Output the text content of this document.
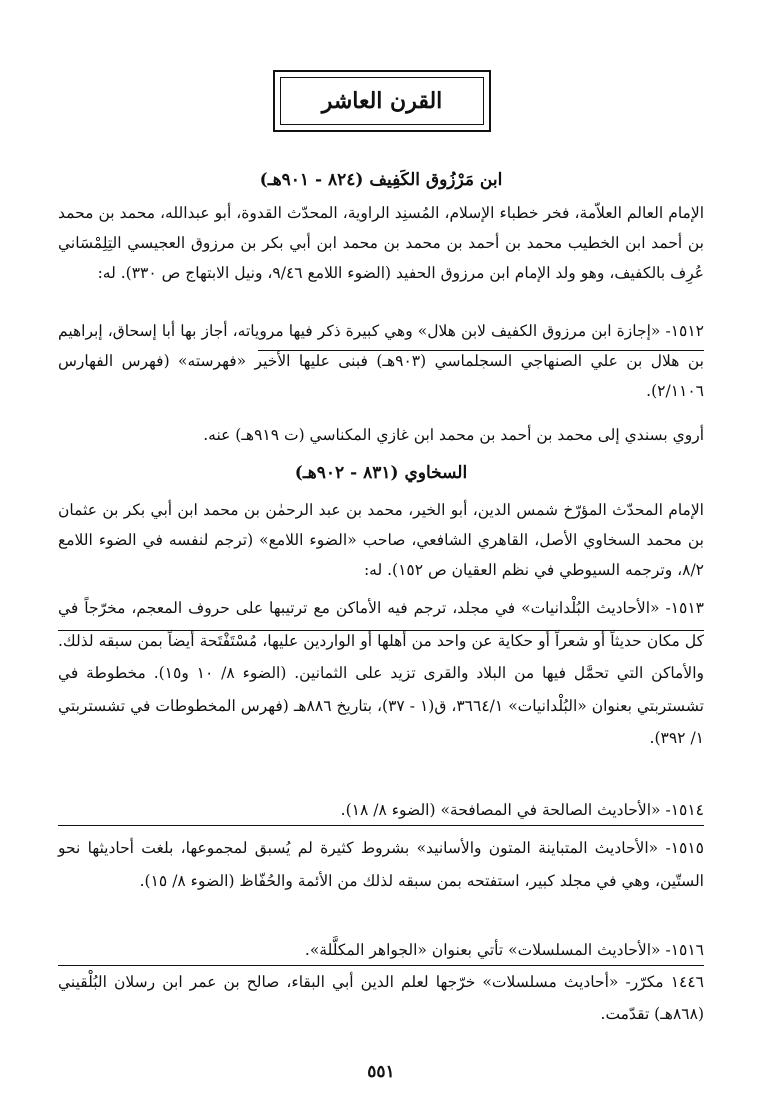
القرن العاشر
ابن مَرْزُوق الكَفِيف (٨٢٤ - ٩٠١هـ)
الإمام العالم العلاّمة، فخر خطباء الإسلام، المُسنِد الراوية، المحدّث القدوة، أبو عبدالله، محمد بن محمد بن أحمد ابن الخطيب محمد بن أحمد بن محمد بن محمد ابن أبي بكر بن مرزوق العجيسي التِلِمْسَاني عُرِف بالكفيف، وهو ولد الإمام ابن مرزوق الحفيد (الضوء اللامع ٩/٤٦، ونيل الابتهاج ص ٣٣٠). له:
١٥١٢- «إجازة ابن مرزوق الكفيف لابن هلال» وهي كبيرة ذكر فيها مروياته، أجاز بها أبا إسحاق، إبراهيم بن هلال بن علي الصنهاجي السجلماسي (٩٠٣هـ) فبنى عليها الأخير «فهرسته» (فهرس الفهارس ٢/١١٠٦).
أروي بسندي إلى محمد بن أحمد بن محمد ابن غازي المكناسي (ت ٩١٩هـ) عنه.
السخاوي (٨٣١ - ٩٠٢هـ)
الإمام المحدّث المؤرّخ شمس الدين، أبو الخير، محمد بن عبد الرحمٰن بن محمد ابن أبي بكر بن عثمان بن محمد السخاوي الأصل، القاهري الشافعي، صاحب «الضوء اللامع» (ترجم لنفسه في الضوء اللامع ٨/٢، وترجمه السيوطي في نظم العقيان ص ١٥٢). له:
١٥١٣- «الأحاديث البُلْدانيات» في مجلد، ترجم فيه الأماكن مع ترتيبها على حروف المعجم، مخرّجاً في كل مكان حديثاً أو شعراً أو حكاية عن واحد من أهلها أو الواردين عليها، مُسْتَفْتَحة أيضاً بمن سبقه لذلك. والأماكن التي تحمَّل فيها من البلاد والقرى تزيد على الثمانين. (الضوء ٨/ ١٠ و١٥). مخطوطة في تشستربتي بعنوان «البُلْدانيات» ٣٦٦٤/١، ق(١ - ٣٧)، بتاريخ ٨٨٦هـ (فهرس المخطوطات في تشستربتي ١/ ٣٩٢).
١٥١٤- «الأحاديث الصالحة في المصافحة» (الضوء ٨/ ١٨).
١٥١٥- «الأحاديث المتباينة المتون والأسانيد» بشروط كثيرة لم يُسبق لمجموعها، بلغت أحاديثها نحو الستّين، وهي في مجلد كبير، استفتحه بمن سبقه لذلك من الأئمة والحُفّاظ (الضوء ٨/ ١٥).
١٥١٦- «الأحاديث المسلسلات» تأتي بعنوان «الجواهر المكلَّلة».
١٤٤٦ مكرّر- «أحاديث مسلسلات» خرّجها لعلم الدين أبي البقاء، صالح بن عمر ابن رسلان البُلْقيني (٨٦٨هـ) تقدّمت.
٥٥١
